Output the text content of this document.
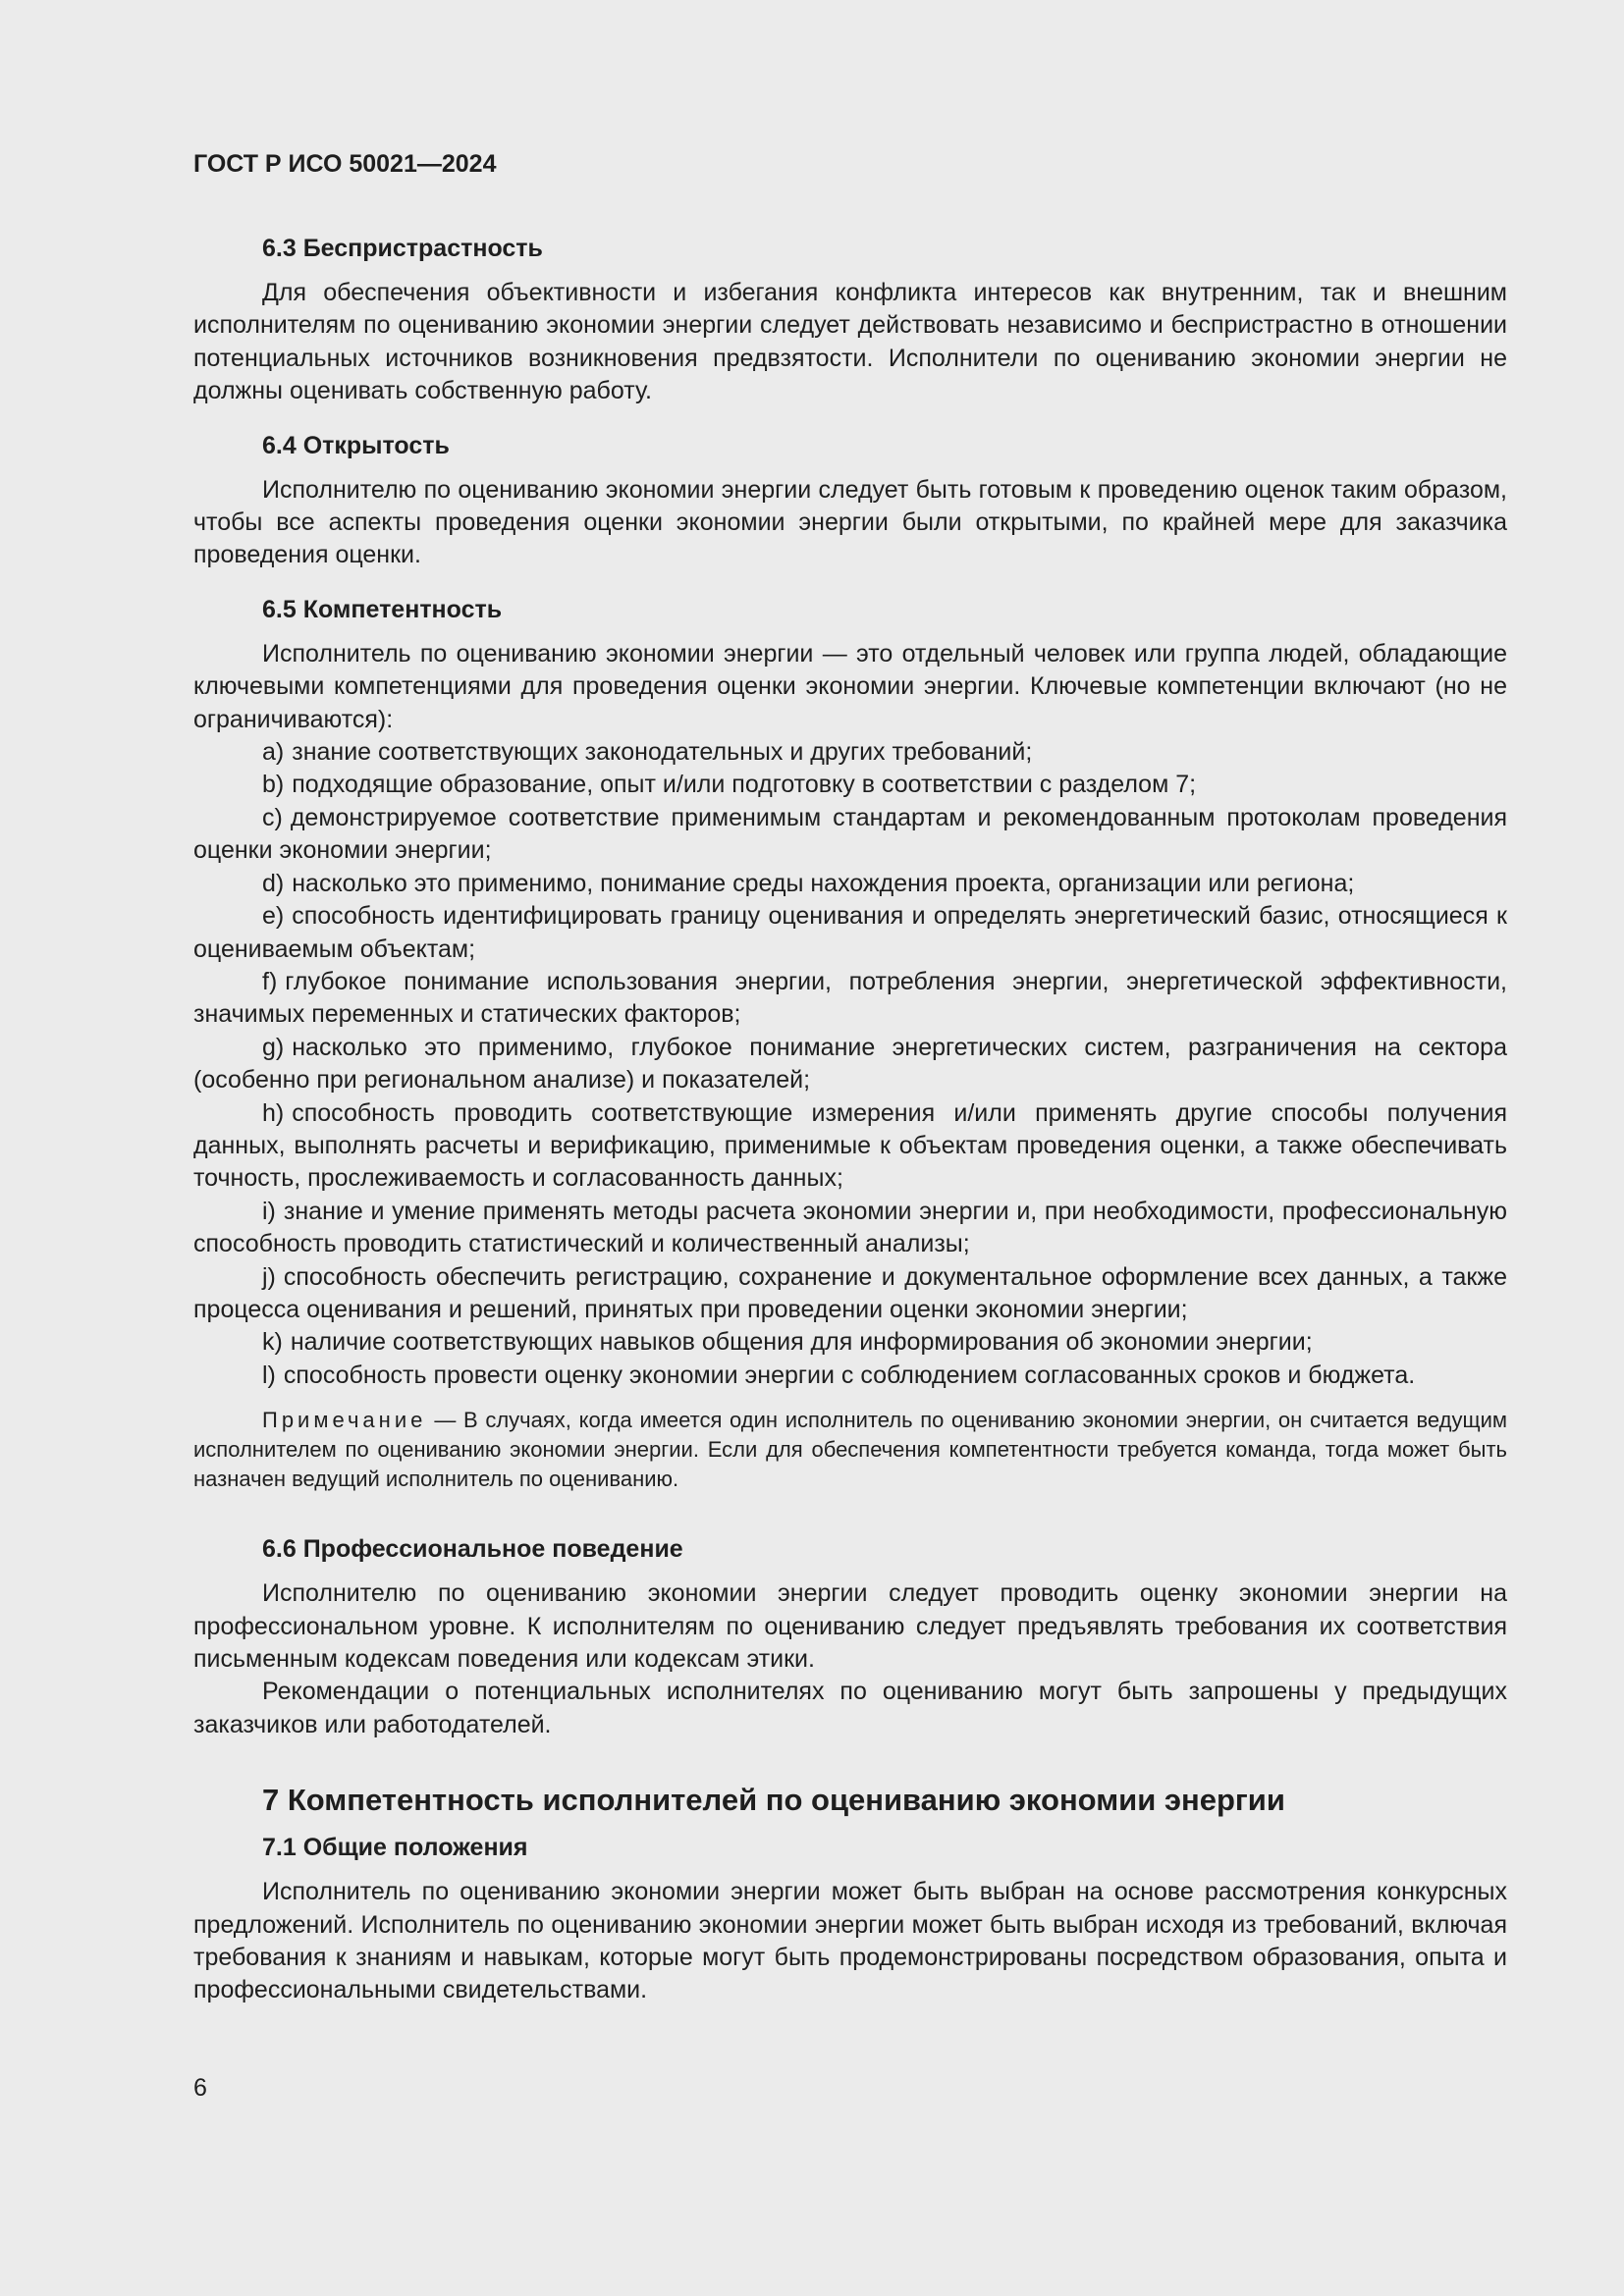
ГОСТ Р ИСО 50021—2024
6.3 Беспристрастность

Для обеспечения объективности и избегания конфликта интересов как внутренним, так и внешним исполнителям по оцениванию экономии энергии следует действовать независимо и беспристрастно в отношении потенциальных источников возникновения предвзятости. Исполнители по оцениванию экономии энергии не должны оценивать собственную работу.

6.4 Открытость

Исполнителю по оцениванию экономии энергии следует быть готовым к проведению оценок таким образом, чтобы все аспекты проведения оценки экономии энергии были открытыми, по крайней мере для заказчика проведения оценки.

6.5 Компетентность

Исполнитель по оцениванию экономии энергии — это отдельный человек или группа людей, обладающие ключевыми компетенциями для проведения оценки экономии энергии. Ключевые компетенции включают (но не ограничиваются):

a) знание соответствующих законодательных и других требований;
b) подходящие образование, опыт и/или подготовку в соответствии с разделом 7;
c) демонстрируемое соответствие применимым стандартам и рекомендованным протоколам проведения оценки экономии энергии;
d) насколько это применимо, понимание среды нахождения проекта, организации или региона;
e) способность идентифицировать границу оценивания и определять энергетический базис, относящиеся к оцениваемым объектам;
f) глубокое понимание использования энергии, потребления энергии, энергетической эффективности, значимых переменных и статических факторов;
g) насколько это применимо, глубокое понимание энергетических систем, разграничения на сектора (особенно при региональном анализе) и показателей;
h) способность проводить соответствующие измерения и/или применять другие способы получения данных, выполнять расчеты и верификацию, применимые к объектам проведения оценки, а также обеспечивать точность, прослеживаемость и согласованность данных;
i) знание и умение применять методы расчета экономии энергии и, при необходимости, профессиональную способность проводить статистический и количественный анализы;
j) способность обеспечить регистрацию, сохранение и документальное оформление всех данных, а также процесса оценивания и решений, принятых при проведении оценки экономии энергии;
k) наличие соответствующих навыков общения для информирования об экономии энергии;
l) способность провести оценку экономии энергии с соблюдением согласованных сроков и бюджета.

Примечание — В случаях, когда имеется один исполнитель по оцениванию экономии энергии, он считается ведущим исполнителем по оцениванию экономии энергии. Если для обеспечения компетентности требуется команда, тогда может быть назначен ведущий исполнитель по оцениванию.

6.6 Профессиональное поведение

Исполнителю по оцениванию экономии энергии следует проводить оценку экономии энергии на профессиональном уровне. К исполнителям по оцениванию следует предъявлять требования их соответствия письменным кодексам поведения или кодексам этики.

Рекомендации о потенциальных исполнителях по оцениванию могут быть запрошены у предыдущих заказчиков или работодателей.

7 Компетентность исполнителей по оцениванию экономии энергии
7.1 Общие положения

Исполнитель по оцениванию экономии энергии может быть выбран на основе рассмотрения конкурсных предложений. Исполнитель по оцениванию экономии энергии может быть выбран исходя из требований, включая требования к знаниям и навыкам, которые могут быть продемонстрированы посредством образования, опыта и профессиональными свидетельствами.

6
